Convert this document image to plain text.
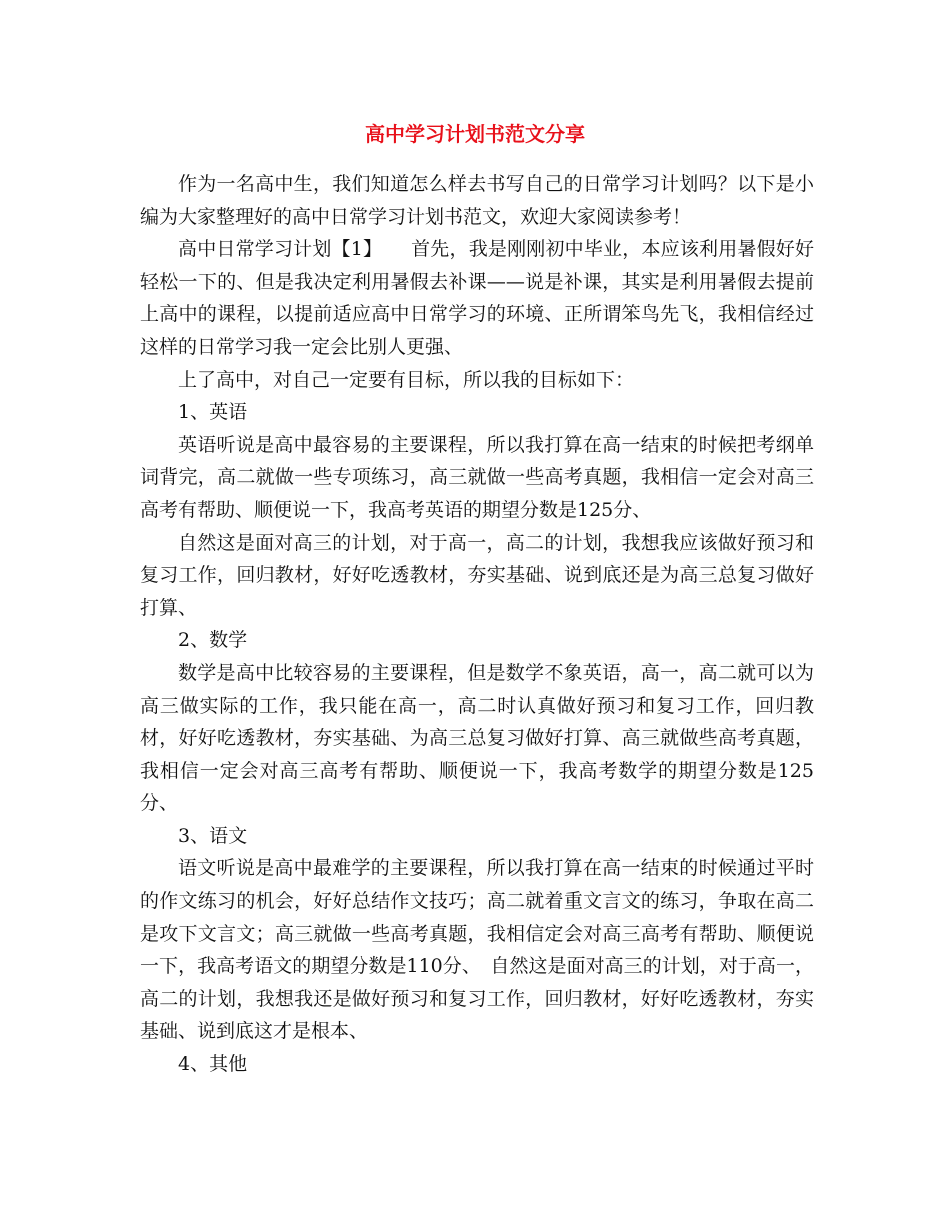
高中学习计划书范文分享

作为一名高中生，我们知道怎么样去书写自己的日常学习计划吗？以下是小编为大家整理好的高中日常学习计划书范文，欢迎大家阅读参考！

高中日常学习计划【1】　　首先，我是刚刚初中毕业，本应该利用暑假好好轻松一下的、但是我决定利用暑假去补课——说是补课，其实是利用暑假去提前上高中的课程，以提前适应高中日常学习的环境、正所谓笨鸟先飞，我相信经过这样的日常学习我一定会比别人更强、

上了高中，对自己一定要有目标，所以我的目标如下：

1、英语

英语听说是高中最容易的主要课程，所以我打算在高一结束的时候把考纲单词背完，高二就做一些专项练习，高三就做一些高考真题，我相信一定会对高三高考有帮助、顺便说一下，我高考英语的期望分数是125分、

自然这是面对高三的计划，对于高一，高二的计划，我想我应该做好预习和复习工作，回归教材，好好吃透教材，夯实基础、说到底还是为高三总复习做好打算、

2、数学

数学是高中比较容易的主要课程，但是数学不象英语，高一，高二就可以为高三做实际的工作，我只能在高一，高二时认真做好预习和复习工作，回归教材，好好吃透教材，夯实基础、为高三总复习做好打算、高三就做些高考真题，我相信一定会对高三高考有帮助、顺便说一下，我高考数学的期望分数是125分、

3、语文

语文听说是高中最难学的主要课程，所以我打算在高一结束的时候通过平时的作文练习的机会，好好总结作文技巧；高二就着重文言文的练习，争取在高二是攻下文言文；高三就做一些高考真题，我相信定会对高三高考有帮助、顺便说一下，我高考语文的期望分数是110分、　自然这是面对高三的计划，对于高一，高二的计划，我想我还是做好预习和复习工作，回归教材，好好吃透教材，夯实基础、说到底这才是根本、

4、其他
